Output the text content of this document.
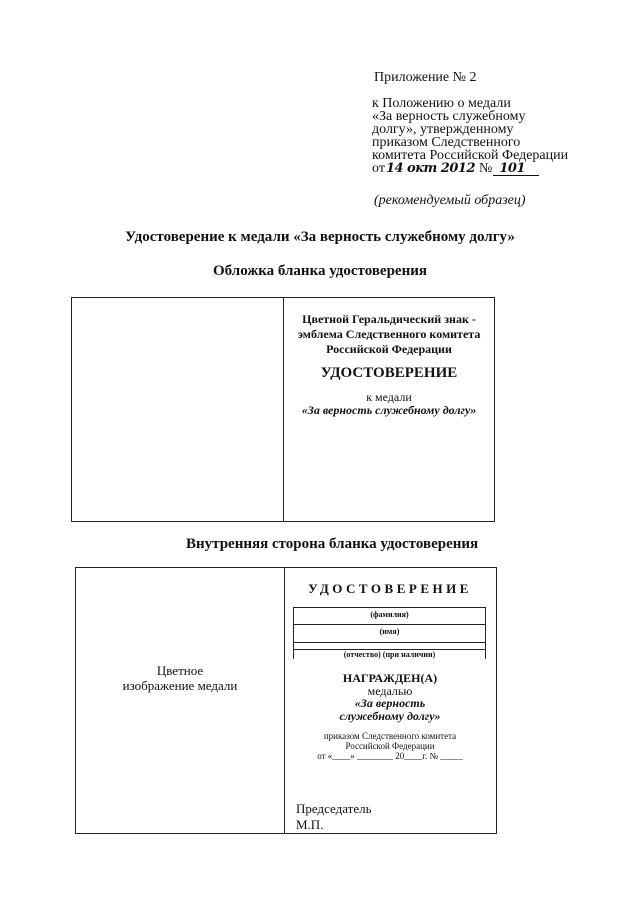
Приложение № 2
к Положению о медали
«За верность служебному
долгу», утвержденному
приказом Следственного
комитета Российской Федерации
от14 окт 2012 № 101
(рекомендуемый образец)
Удостоверение к медали «За верность служебному долгу»
Обложка бланка удостоверения
Цветной Геральдический знак -
эмблема Следственного комитета
Российской Федерации
УДОСТОВЕРЕНИЕ
к медали
«За верность служебному долгу»
Внутренняя сторона бланка удостоверения
Цветное
изображение медали
УДОСТОВЕРЕНИЕ
(фамилия)
(имя)
(отчество) (при наличии)
НАГРАЖДЕН(А)
медалью
«За верность
служебному долгу»
приказом Следственного комитета
Российской Федерации
от «____» ________ 20____г. № _____
Председатель
М.П.
